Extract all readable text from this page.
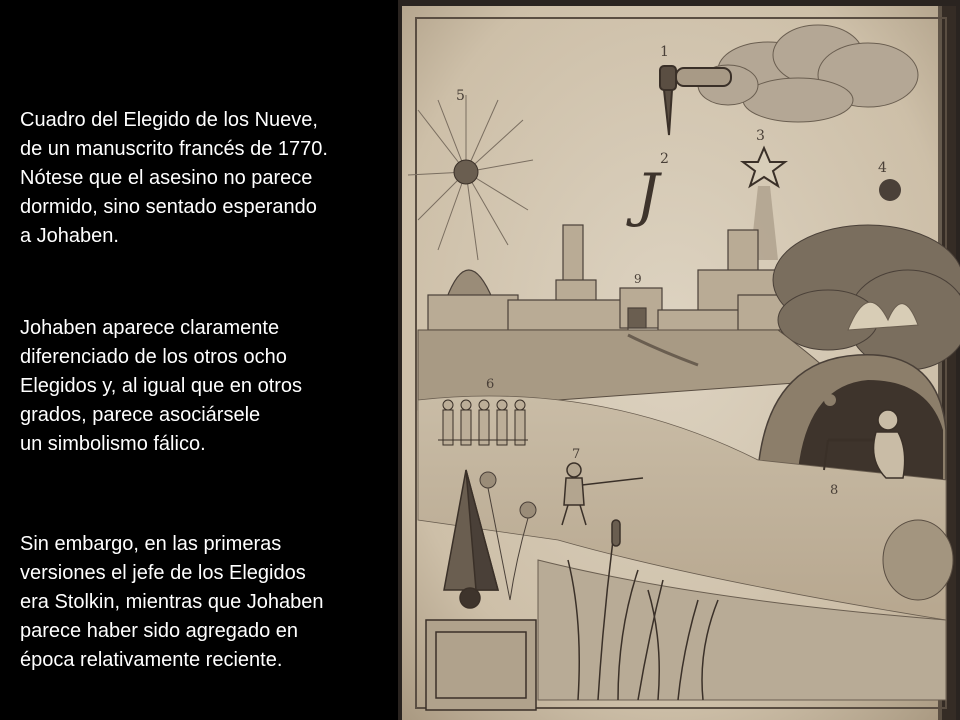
Cuadro del Elegido de los Nueve,
de un manuscrito francés de 1770.
Nótese que el asesino no parece
dormido, sino sentado esperando
a Johaben.

Johaben aparece claramente
diferenciado de los otros ocho
Elegidos y, al igual que en otros
grados, parece asociársele
un simbolismo fálico.

Sin embargo, en las primeras
versiones el jefe de los Elegidos
era Stolkin, mientras que Johaben
parece haber sido agregado en
época relativamente reciente.

1
J
2
3
4
5
9
8
6
7
